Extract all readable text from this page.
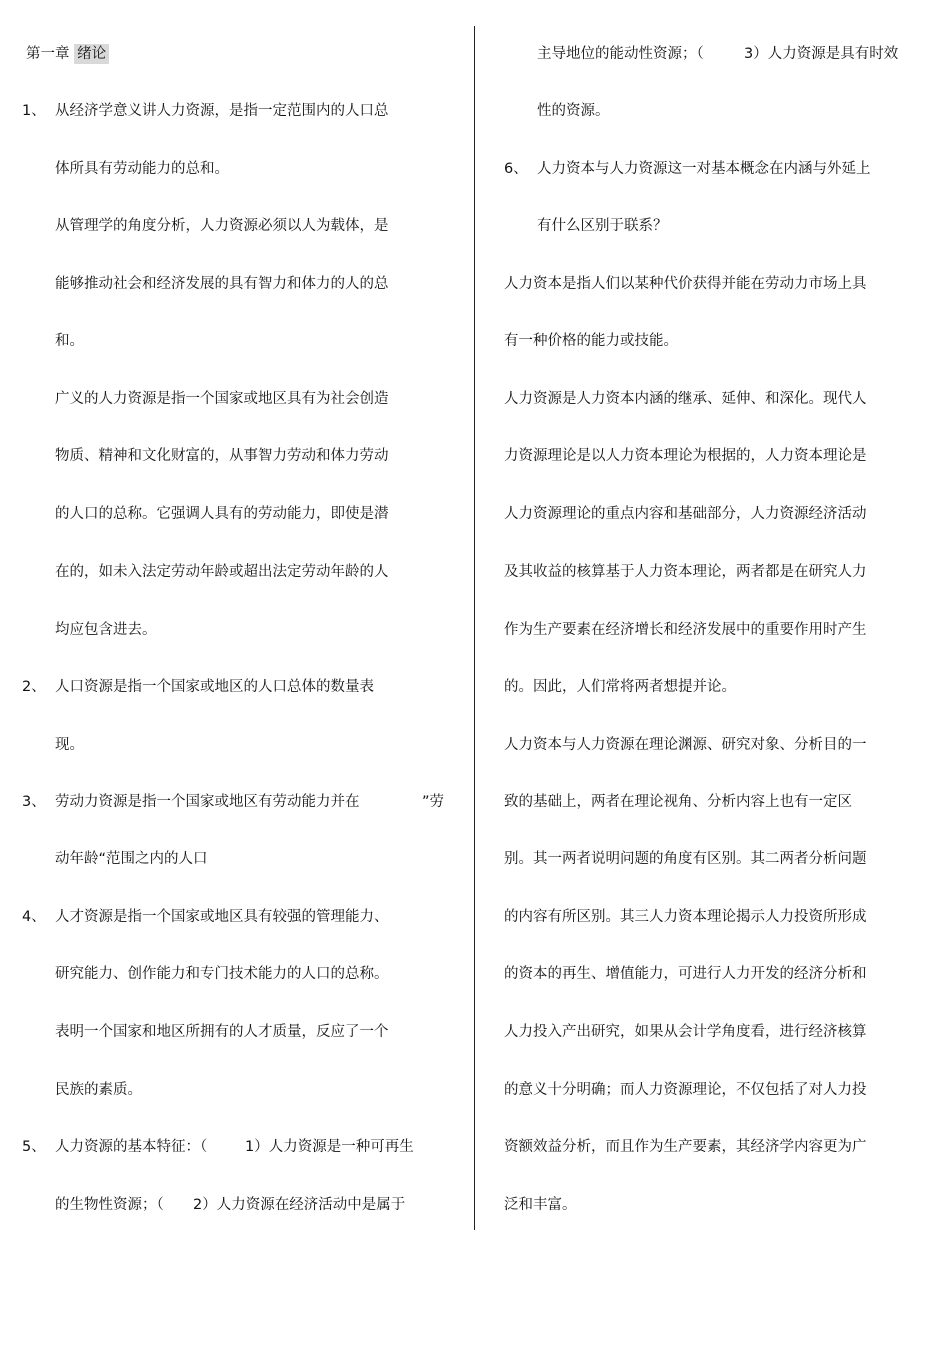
第一章 绪论
1、 从经济学意义讲人力资源，是指一定范围内的人口总
体所具有劳动能力的总和。
从管理学的角度分析，人力资源必须以人为载体，是
能够推动社会和经济发展的具有智力和体力的人的总
和。
广义的人力资源是指一个国家或地区具有为社会创造
物质、精神和文化财富的，从事智力劳动和体力劳动
的人口的总称。它强调人具有的劳动能力，即使是潜
在的，如未入法定劳动年龄或超出法定劳动年龄的人
均应包含进去。
2、 人口资源是指一个国家或地区的人口总体的数量表
现。
3、 劳动力资源是指一个国家或地区有劳动能力并在	”劳
动年龄“范围之内的人口
4、 人才资源是指一个国家或地区具有较强的管理能力、
研究能力、创作能力和专门技术能力的人口的总称。
表明一个国家和地区所拥有的人才质量，反应了一个
民族的素质。
5、 人力资源的基本特征：（	1）人力资源是一种可再生
的生物性资源；（ 2）人力资源在经济活动中是属于
主导地位的能动性资源；（	3）人力资源是具有时效
性的资源。
6、 人力资本与人力资源这一对基本概念在内涵与外延上
有什么区别于联系？
人力资本是指人们以某种代价获得并能在劳动力市场上具
有一种价格的能力或技能。
人力资源是人力资本内涵的继承、延伸、和深化。现代人
力资源理论是以人力资本理论为根据的，人力资本理论是
人力资源理论的重点内容和基础部分，人力资源经济活动
及其收益的核算基于人力资本理论，两者都是在研究人力
作为生产要素在经济增长和经济发展中的重要作用时产生
的。因此，人们常将两者想提并论。
人力资本与人力资源在理论渊源、研究对象、分析目的一
致的基础上，两者在理论视角、分析内容上也有一定区
别。其一两者说明问题的角度有区别。其二两者分析问题
的内容有所区别。其三人力资本理论揭示人力投资所形成
的资本的再生、增值能力，可进行人力开发的经济分析和
人力投入产出研究，如果从会计学角度看，进行经济核算
的意义十分明确；而人力资源理论，不仅包括了对人力投
资额效益分析，而且作为生产要素，其经济学内容更为广
泛和丰富。
